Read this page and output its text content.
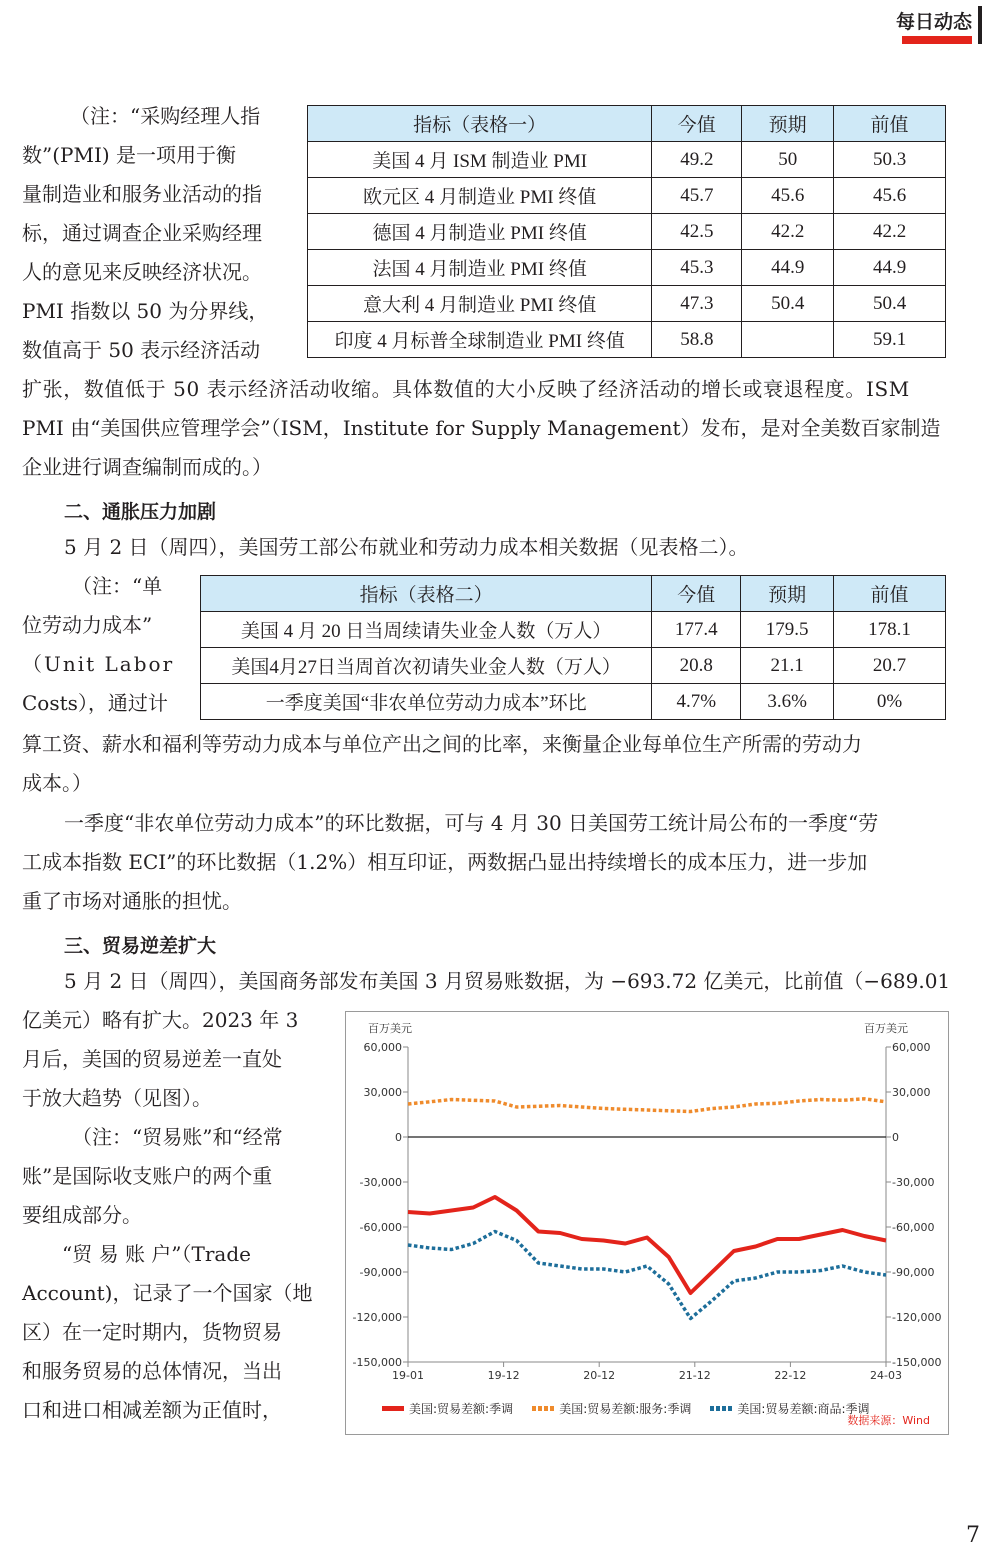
每日动态

（注：“采购经理人指

数”(PMI) 是一项用于衡

量制造业和服务业活动的指

标，通过调查企业采购经理

人的意见来反映经济状况。

PMI 指数以 50 为分界线，

数值高于 50 表示经济活动

指标（表格一）	今值	预期	前值
美国 4 月 ISM 制造业 PMI	49.2	50	50.3
欧元区 4 月制造业 PMI 终值	45.7	45.6	45.6
德国 4 月制造业 PMI 终值	42.5	42.2	42.2
法国 4 月制造业 PMI 终值	45.3	44.9	44.9
意大利 4 月制造业 PMI 终值	47.3	50.4	50.4
印度 4 月标普全球制造业 PMI 终值	58.8		59.1

扩张，数值低于 50 表示经济活动收缩。具体数值的大小反映了经济活动的增长或衰退程度。ISM

PMI 由“美国供应管理学会”（ISM，Institute for Supply Management）发布，是对全美数百家制造

企业进行调查编制而成的。）

二、通胀压力加剧
5 月 2 日（周四），美国劳工部公布就业和劳动力成本相关数据（见表格二）。

（注：“单

位劳动力成本”

（Unit Labor

Costs），通过计

指标（表格二）	今值	预期	前值
美国 4 月 20 日当周续请失业金人数（万人）	177.4	179.5	178.1
美国4月27日当周首次初请失业金人数（万人）	20.8	21.1	20.7
一季度美国“非农单位劳动力成本”环比	4.7%	3.6%	0%

算工资、薪水和福利等劳动力成本与单位产出之间的比率，来衡量企业每单位生产所需的劳动力

成本。）

一季度“非农单位劳动力成本”的环比数据，可与 4 月 30 日美国劳工统计局公布的一季度“劳

工成本指数 ECI”的环比数据（1.2%）相互印证，两数据凸显出持续增长的成本压力，进一步加

重了市场对通胀的担忧。

三、贸易逆差扩大
5 月 2 日（周四），美国商务部发布美国 3 月贸易账数据，为 −693.72 亿美元，比前值（−689.01

亿美元）略有扩大。2023 年 3

月后，美国的贸易逆差一直处

于放大趋势（见图）。

（注：“贸易账”和“经常

账”是国际收支账户的两个重

要组成部分。

“贸 易 账 户”（Trade

Account)，记录了一个国家（地

区）在一定时期内，货物贸易

和服务贸易的总体情况，当出

口和进口相减差额为正值时，

60,000	60,000
30,000	30,000
0	0
-30,000	-30,000
-60,000	-60,000
-90,000	-90,000
-120,000	-120,000
-150,000	-150,000
百万美元	百万美元
19-01	19-12	20-12	21-12	22-12	24-03
美国:贸易差额:季调
	美国:贸易差额:服务:季调
	美国:贸易差额:商品:季调
数据来源：Wind
7
